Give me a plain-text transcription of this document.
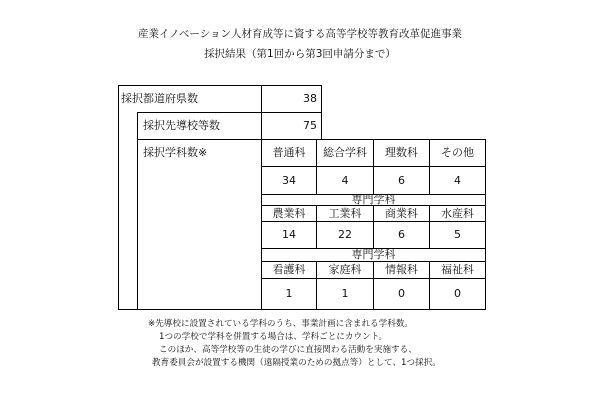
産業イノベーション人材育成等に資する高等学校等教育改革促進事業
採択結果（第1回から第3回申請分まで）
採択都道府県数	38
採択先導校等数	75
採択学科数※	普通科	総合学科	理数科	その他
34	4	6	4
専門学科
農業科	工業科	商業科	水産科
14	22	6	5
専門学科
看護科	家庭科	情報科	福祉科
1	1	0	0
※先導校に設置されている学科のうち、事業計画に含まれる学科数。
1つの学校で学科を併置する場合は、学科ごとにカウント。
このほか、高等学校等の生徒の学びに直接関わる活動を実施する、
教育委員会が設置する機関（遠隔授業のための拠点等）として、1つ採択。
